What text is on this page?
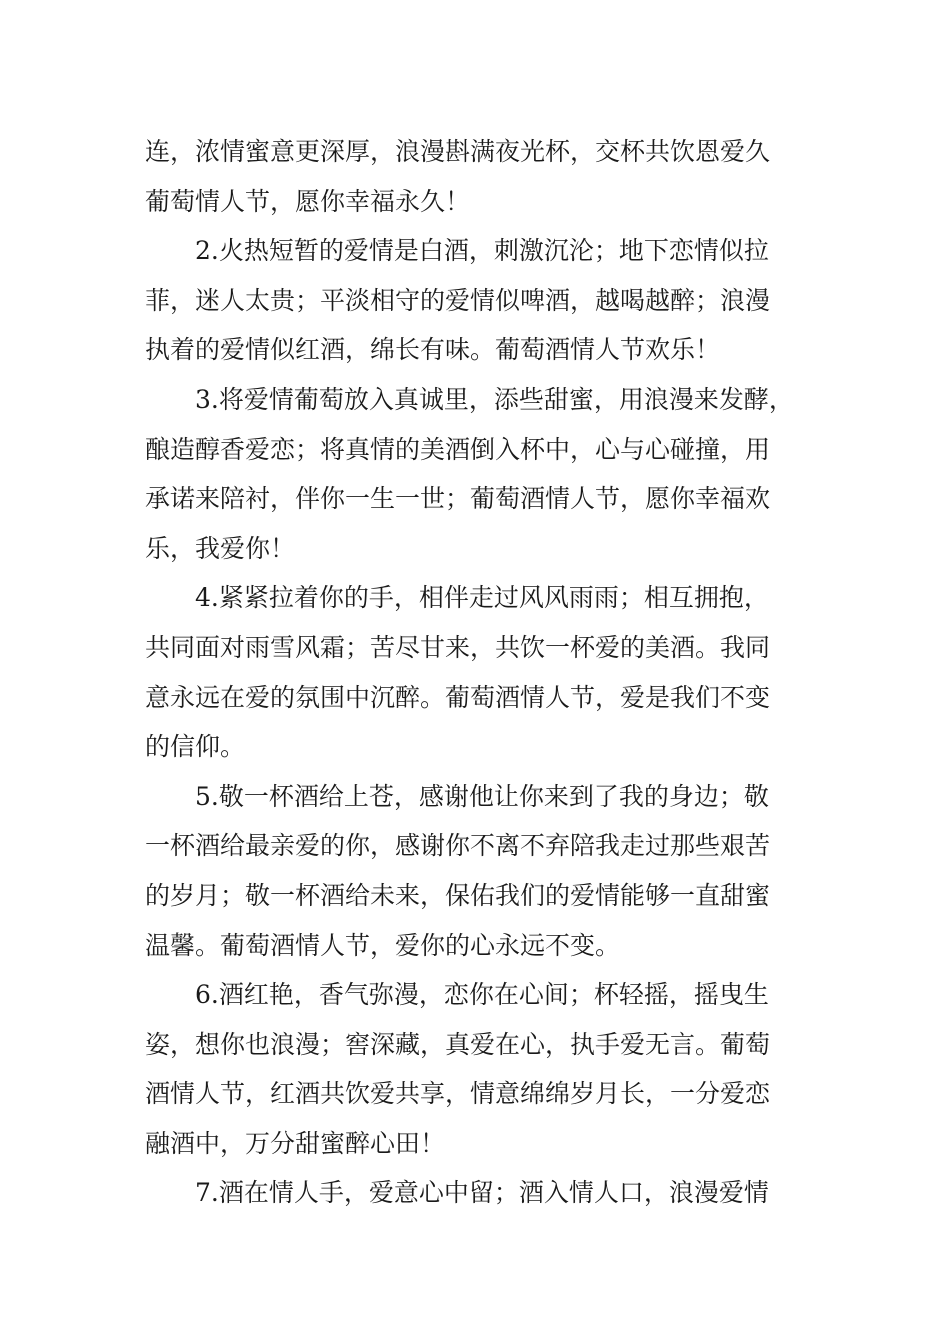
连，浓情蜜意更深厚，浪漫斟满夜光杯，交杯共饮恩爱久
葡萄情人节，愿你幸福永久！
2.火热短暂的爱情是白酒，刺激沉沦；地下恋情似拉
菲，迷人太贵；平淡相守的爱情似啤酒，越喝越醉；浪漫
执着的爱情似红酒，绵长有味。葡萄酒情人节欢乐！
3.将爱情葡萄放入真诚里，添些甜蜜，用浪漫来发酵，
酿造醇香爱恋；将真情的美酒倒入杯中，心与心碰撞，用
承诺来陪衬，伴你一生一世；葡萄酒情人节，愿你幸福欢
乐，我爱你！
4.紧紧拉着你的手，相伴走过风风雨雨；相互拥抱，
共同面对雨雪风霜；苦尽甘来，共饮一杯爱的美酒。我同
意永远在爱的氛围中沉醉。葡萄酒情人节，爱是我们不变
的信仰。
5.敬一杯酒给上苍，感谢他让你来到了我的身边；敬
一杯酒给最亲爱的你，感谢你不离不弃陪我走过那些艰苦
的岁月；敬一杯酒给未来，保佑我们的爱情能够一直甜蜜
温馨。葡萄酒情人节，爱你的心永远不变。
6.酒红艳，香气弥漫，恋你在心间；杯轻摇，摇曳生
姿，想你也浪漫；窖深藏，真爱在心，执手爱无言。葡萄
酒情人节，红酒共饮爱共享，情意绵绵岁月长，一分爱恋
融酒中，万分甜蜜醉心田！
7.酒在情人手，爱意心中留；酒入情人口，浪漫爱情
